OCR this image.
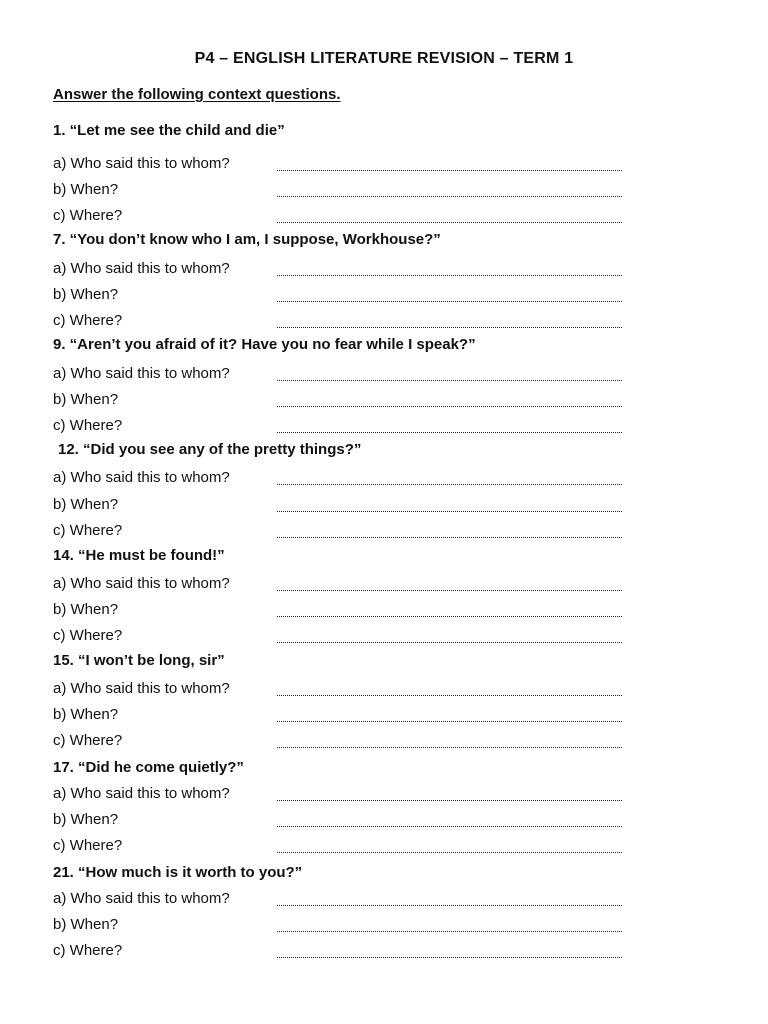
P4 – ENGLISH LITERATURE REVISION – TERM 1
Answer the following context questions.
1. “Let me see the child and die”
a) Who said this to whom?
b) When?
c) Where?
7. “You don’t know who I am, I suppose, Workhouse?”
a) Who said this to whom?
b) When?
c) Where?
9. “Aren’t you afraid of it? Have you no fear while I speak?”
a) Who said this to whom?
b) When?
c) Where?
12. “Did you see any of the pretty things?”
a) Who said this to whom?
b) When?
c) Where?
14. “He must be found!”
a) Who said this to whom?
b) When?
c) Where?
15. “I won’t be long, sir”
a) Who said this to whom?
b) When?
c) Where?
17. “Did he come quietly?”
a) Who said this to whom?
b) When?
c) Where?
21. “How much is it worth to you?”
a) Who said this to whom?
b) When?
c) Where?
